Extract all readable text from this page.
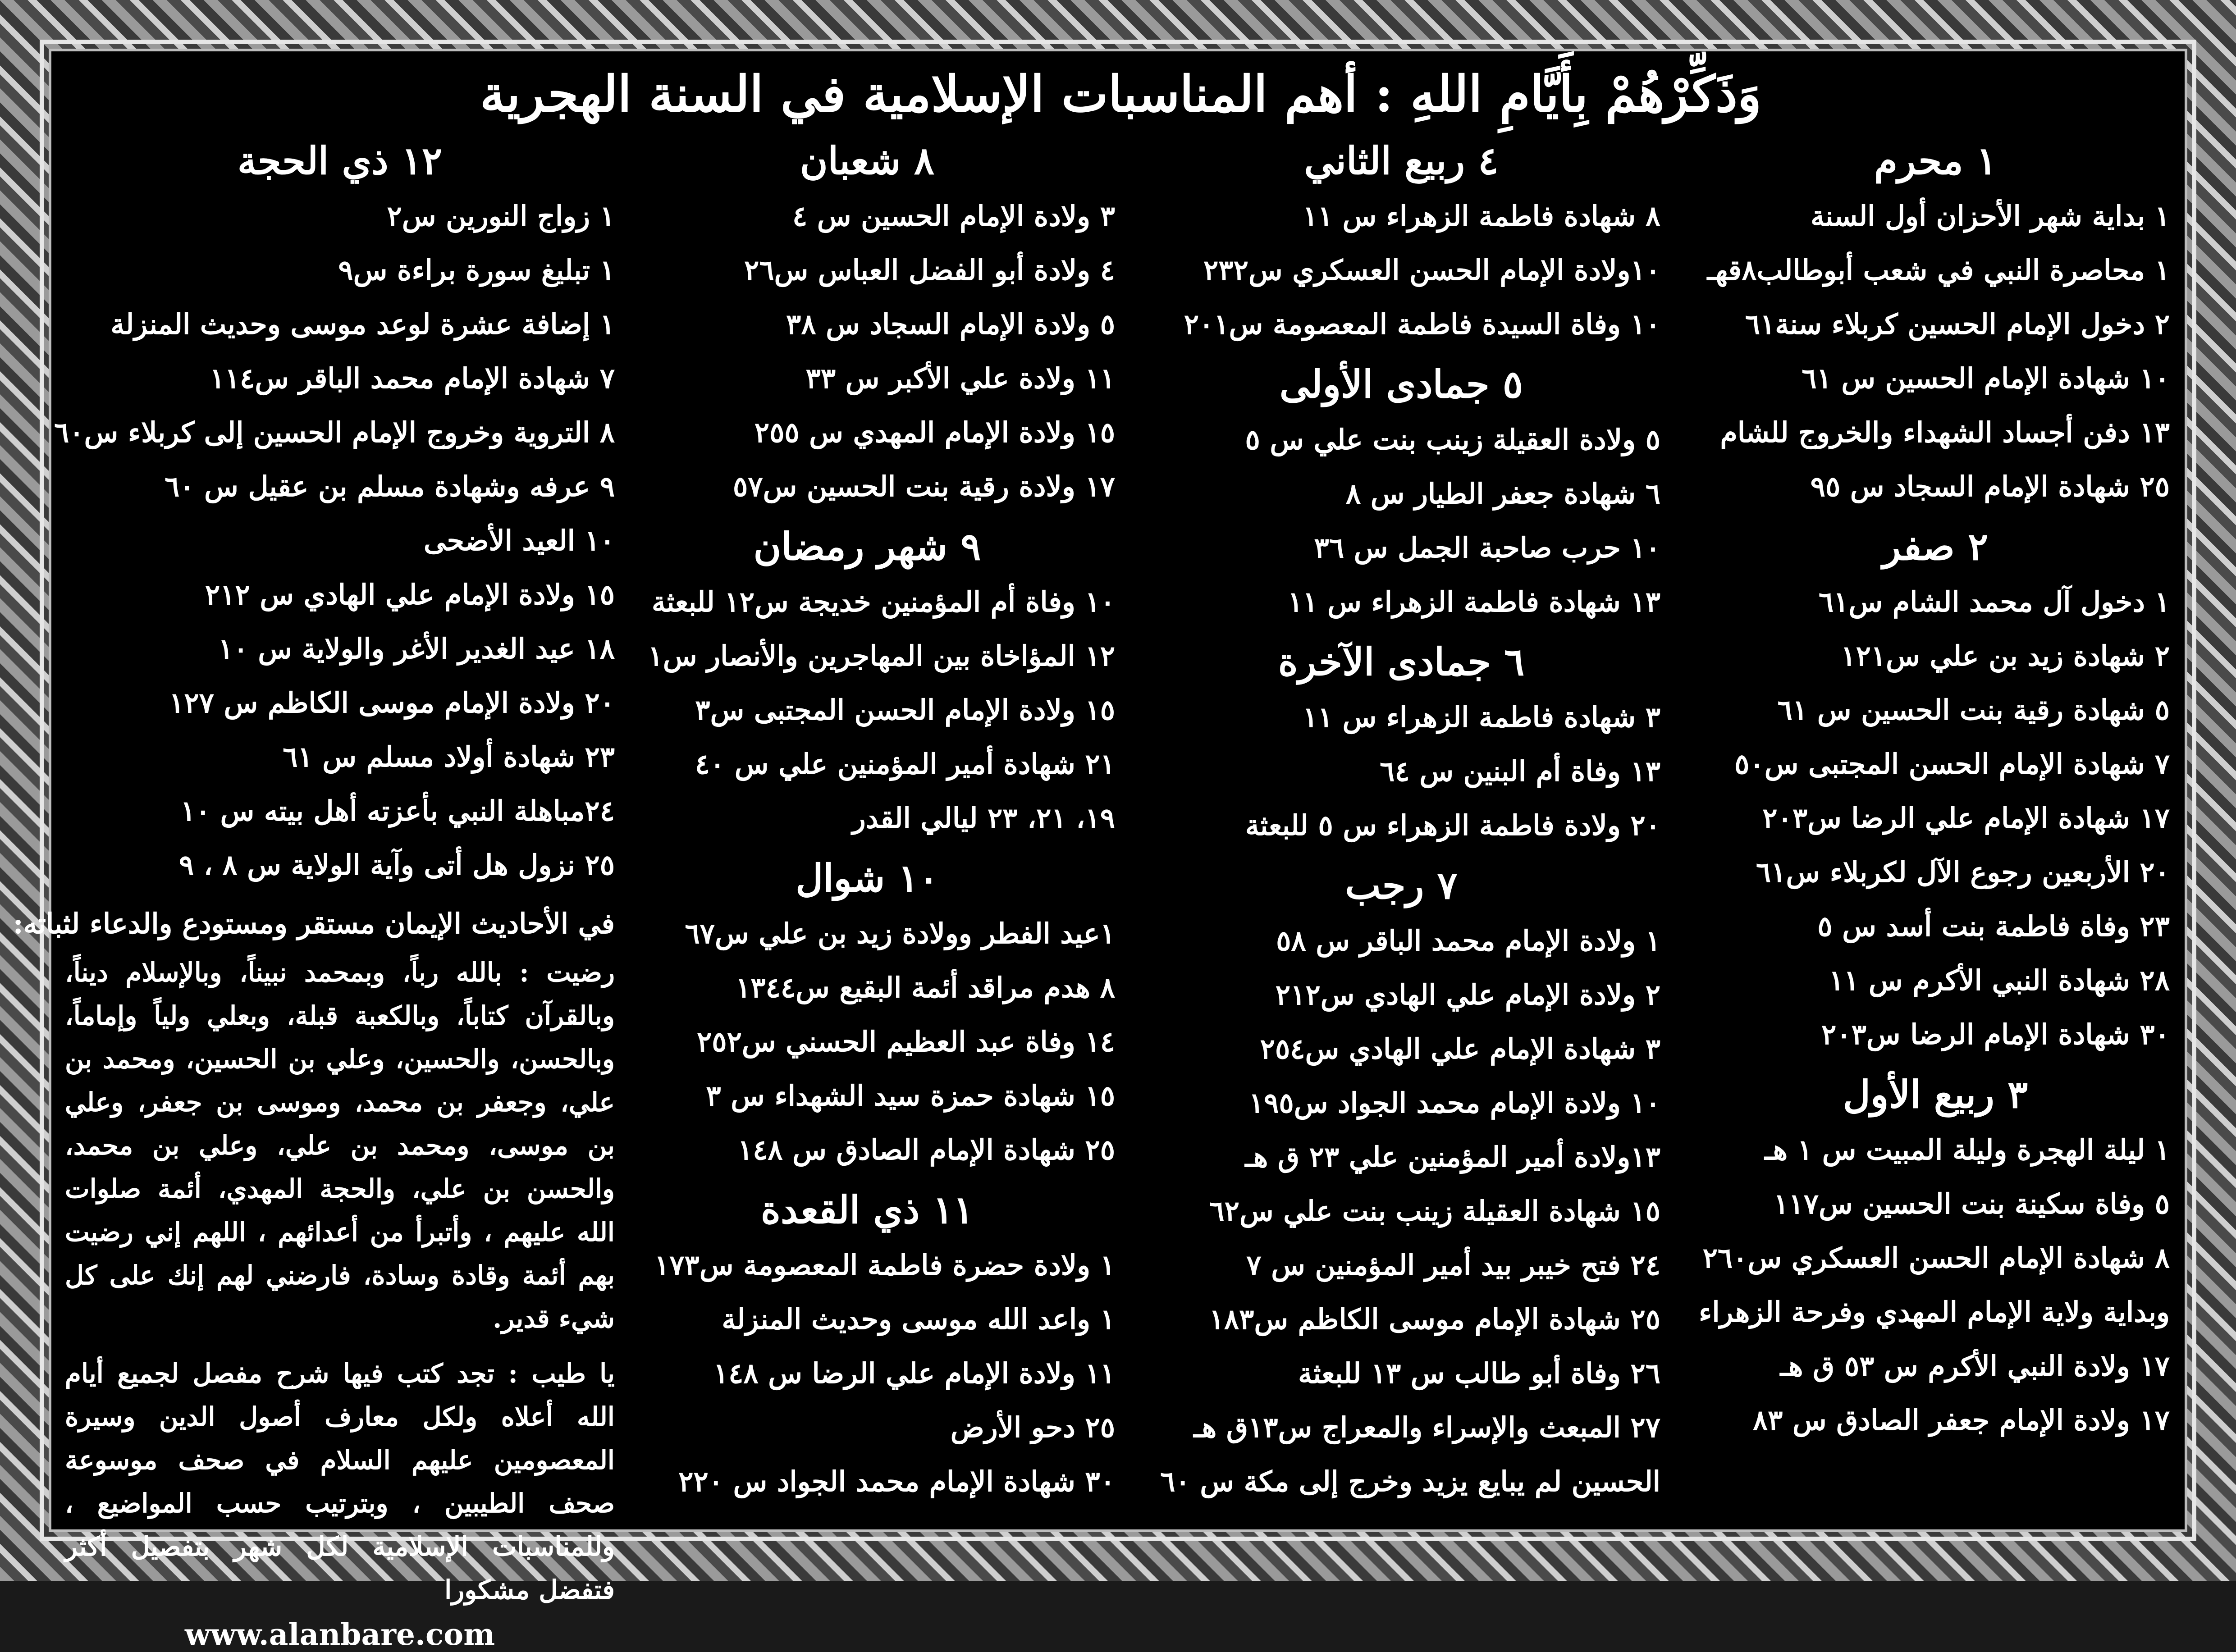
وَذَكِّرْهُمْ بِأَيَّامِ اللهِ : أهم المناسبات الإسلامية في السنة الهجرية
١ محرم
١ بداية شهر الأحزان أول السنة
١ محاصرة النبي في شعب أبوطالب٨قهـ
٢ دخول الإمام الحسين كربلاء سنة٦١
١٠ شهادة الإمام الحسين س ٦١
١٣ دفن أجساد الشهداء والخروج للشام
٢٥ شهادة الإمام السجاد س ٩٥
٢ صفر
١ دخول آل محمد الشام س٦١
٢ شهادة زيد بن علي س١٢١
٥ شهادة رقية بنت الحسين س ٦١
٧ شهادة الإمام الحسن المجتبى س٥٠
١٧ شهادة الإمام علي الرضا س٢٠٣
٢٠ الأربعين رجوع الآل لكربلاء س٦١
٢٣ وفاة فاطمة بنت أسد س ٥
٢٨ شهادة النبي الأكرم س ١١
٣٠ شهادة الإمام الرضا س٢٠٣
٣ ربيع الأول
١ ليلة الهجرة وليلة المبيت س ١ هـ
٥ وفاة سكينة بنت الحسين س١١٧
٨ شهادة الإمام الحسن العسكري س٢٦٠
وبداية ولاية الإمام المهدي وفرحة الزهراء
١٧ ولادة النبي الأكرم س ٥٣ ق هـ
١٧ ولادة الإمام جعفر الصادق س ٨٣
٤ ربيع الثاني
٨ شهادة فاطمة الزهراء س ١١
١٠ولادة الإمام الحسن العسكري س٢٣٢
١٠ وفاة السيدة فاطمة المعصومة س٢٠١
٥ جمادى الأولى
٥ ولادة العقيلة زينب بنت علي س ٥
٦ شهادة جعفر الطيار س ٨
١٠ حرب صاحبة الجمل س ٣٦
١٣ شهادة فاطمة الزهراء س ١١
٦ جمادى الآخرة
٣ شهادة فاطمة الزهراء س ١١
١٣ وفاة أم البنين س ٦٤
٢٠ ولادة فاطمة الزهراء س ٥ للبعثة
٧ رجب
١ ولادة الإمام محمد الباقر س ٥٨
٢ ولادة الإمام علي الهادي س٢١٢
٣ شهادة الإمام علي الهادي س٢٥٤
١٠ ولادة الإمام محمد الجواد س١٩٥
١٣ولادة أمير المؤمنين علي ٢٣ ق هـ
١٥ شهادة العقيلة زينب بنت علي س٦٢
٢٤ فتح خيبر بيد أمير المؤمنين س ٧
٢٥ شهادة الإمام موسى الكاظم س١٨٣
٢٦ وفاة أبو طالب س ١٣ للبعثة
٢٧ المبعث والإسراء والمعراج س١٣ق هـ
الحسين لم يبايع يزيد وخرج إلى مكة س ٦٠
٨ شعبان
٣ ولادة الإمام الحسين س ٤
٤ ولادة أبو الفضل العباس س٢٦
٥ ولادة الإمام السجاد س ٣٨
١١ ولادة علي الأكبر س ٣٣
١٥ ولادة الإمام المهدي س ٢٥٥
١٧ ولادة رقية بنت الحسين س٥٧
٩ شهر رمضان
١٠ وفاة أم المؤمنين خديجة س١٢ للبعثة
١٢ المؤاخاة بين المهاجرين والأنصار س١
١٥ ولادة الإمام الحسن المجتبى س٣
٢١ شهادة أمير المؤمنين علي س ٤٠
١٩، ٢١، ٢٣ ليالي القدر
١٠ شوال
١عيد الفطر وولادة زيد بن علي س٦٧
٨ هدم مراقد أئمة البقيع س١٣٤٤
١٤ وفاة عبد العظيم الحسني س٢٥٢
١٥ شهادة حمزة سيد الشهداء س ٣
٢٥ شهادة الإمام الصادق س ١٤٨
١١ ذي القعدة
١ ولادة حضرة فاطمة المعصومة س١٧٣
١ واعد الله موسى وحديث المنزلة
١١ ولادة الإمام علي الرضا س ١٤٨
٢٥ دحو الأرض
٣٠ شهادة الإمام محمد الجواد س ٢٢٠
١٢ ذي الحجة
١ زواج النورين س٢
١ تبليغ سورة براءة س٩
١ إضافة عشرة لوعد موسى وحديث المنزلة
٧ شهادة الإمام محمد الباقر س١١٤
٨ التروية وخروج الإمام الحسين إلى كربلاء س٦٠
٩ عرفه وشهادة مسلم بن عقيل س ٦٠
١٠ العيد الأضحى
١٥ ولادة الإمام علي الهادي س ٢١٢
١٨ عيد الغدير الأغر والولاية س ١٠
٢٠ ولادة الإمام موسى الكاظم س ١٢٧
٢٣ شهادة أولاد مسلم س ٦١
٢٤مباهلة النبي بأعزته أهل بيته س ١٠
٢٥ نزول هل أتى وآية الولاية س ٨ ، ٩
في الأحاديث الإيمان مستقر ومستودع والدعاء لثباته:
رضيت : بالله رباً، وبمحمد نبيناً، وبالإسلام ديناً، وبالقرآن كتاباً، وبالكعبة قبلة، وبعلي ولياً وإماماً، وبالحسن، والحسين، وعلي بن الحسين، ومحمد بن علي، وجعفر بن محمد، وموسى بن جعفر، وعلي بن موسى، ومحمد بن علي، وعلي بن محمد، والحسن بن علي، والحجة المهدي، أئمة صلوات الله عليهم ، وأتبرأ من أعدائهم ، اللهم إني رضيت بهم أئمة وقادة وسادة، فارضني لهم إنك على كل شيء قدير.
يا طيب : تجد كتب فيها شرح مفصل لجميع أيام الله أعلاه ولكل معارف أصول الدين وسيرة المعصومين عليهم السلام في صحف موسوعة صحف الطيبين ، وبترتيب حسب المواضيع ، وللمناسبات الإسلامية لكل شهر بتفصيل أكثر فتفضل مشكورا
www.alanbare.com
